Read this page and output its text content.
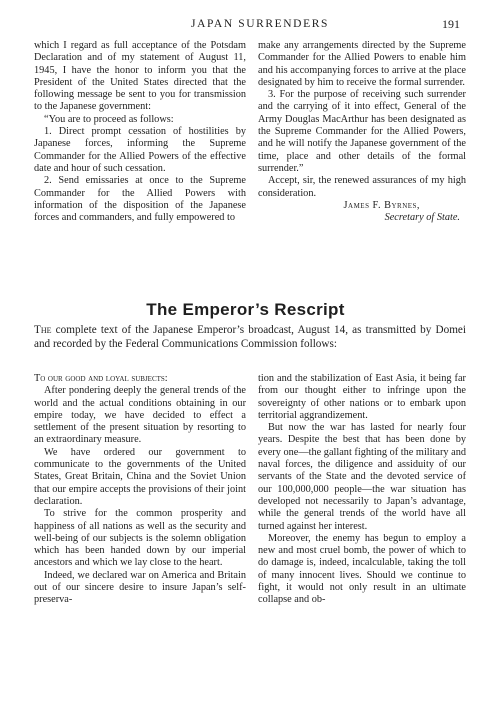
JAPAN SURRENDERS	191

which I regard as full acceptance of the Potsdam Declaration and of my statement of August 11, 1945, I have the honor to inform you that the President of the United States directed that the following message be sent to you for transmission to the Japanese government:

“You are to proceed as follows:

1. Direct prompt cessation of hostilities by Japanese forces, informing the Supreme Commander for the Allied Powers of the effective date and hour of such cessation.

2. Send emissaries at once to the Supreme Commander for the Allied Powers with information of the disposition of the Japanese forces and commanders, and fully empowered to

make any arrangements directed by the Supreme Commander for the Allied Powers to enable him and his accompanying forces to arrive at the place designated by him to receive the formal surrender.

3. For the purpose of receiving such surrender and the carrying of it into effect, General of the Army Douglas MacArthur has been designated as the Supreme Commander for the Allied Powers, and he will notify the Japanese government of the time, place and other details of the formal surrender.”

Accept, sir, the renewed assurances of my high consideration.

James F. Byrnes,

Secretary of State.

The Emperor’s Rescript

The complete text of the Japanese Emperor’s broadcast, August 14, as transmitted by Domei and recorded by the Federal Communications Commission follows:

To our good and loyal subjects:

After pondering deeply the general trends of the world and the actual conditions obtaining in our empire today, we have decided to effect a settlement of the present situation by resorting to an extraordinary measure.

We have ordered our government to communicate to the governments of the United States, Great Britain, China and the Soviet Union that our empire accepts the provisions of their joint declaration.

To strive for the common prosperity and happiness of all nations as well as the security and well-being of our subjects is the solemn obligation which has been handed down by our imperial ancestors and which we lay close to the heart.

Indeed, we declared war on America and Britain out of our sincere desire to insure Japan’s self-preserva-

tion and the stabilization of East Asia, it being far from our thought either to infringe upon the sovereignty of other nations or to embark upon territorial aggrandizement.

But now the war has lasted for nearly four years. Despite the best that has been done by every one—the gallant fighting of the military and naval forces, the diligence and assiduity of our servants of the State and the devoted service of our 100,000,000 people—the war situation has developed not necessarily to Japan’s advantage, while the general trends of the world have all turned against her interest.

Moreover, the enemy has begun to employ a new and most cruel bomb, the power of which to do damage is, indeed, incalculable, taking the toll of many innocent lives. Should we continue to fight, it would not only result in an ultimate collapse and ob-
